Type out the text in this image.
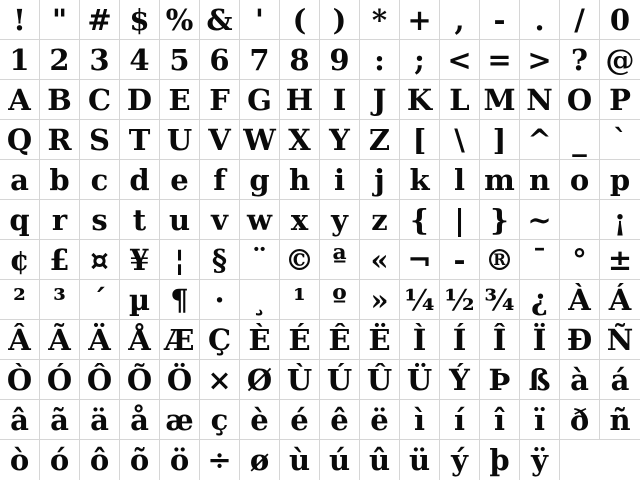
! " # $ % & ' ( ) * + , - .	/ 0
1 2 3 4 5 6 7 8 9 :	; < = > ? @
A B C D E F G H I J K L M N O P
Q R S T U V W X Y Z [ \ ] ^ _ `
a b c d e f g h i	j k l m n o p
q r s t u v w x y z { | } ~	¡
¢ £ ¤ ¥ ¦ § ¨ © ª « ¬ - ® ¯ ° ±
² ³ ´ µ ¶ · ¸ ¹ º » ¼ ½ ¾ ¿ À Á
Â Ã Ä Å Æ Ç È É Ê Ë Ì Í Î Ï Ð Ñ
Ò Ó Ô Õ Ö × Ø Ù Ú Û Ü Ý Þ ß à á
â ã ä å æ ç è é ê ë ì í î ï ð ñ
ò ó ô õ ö ÷ ø ù ú û ü ý þ ÿ
